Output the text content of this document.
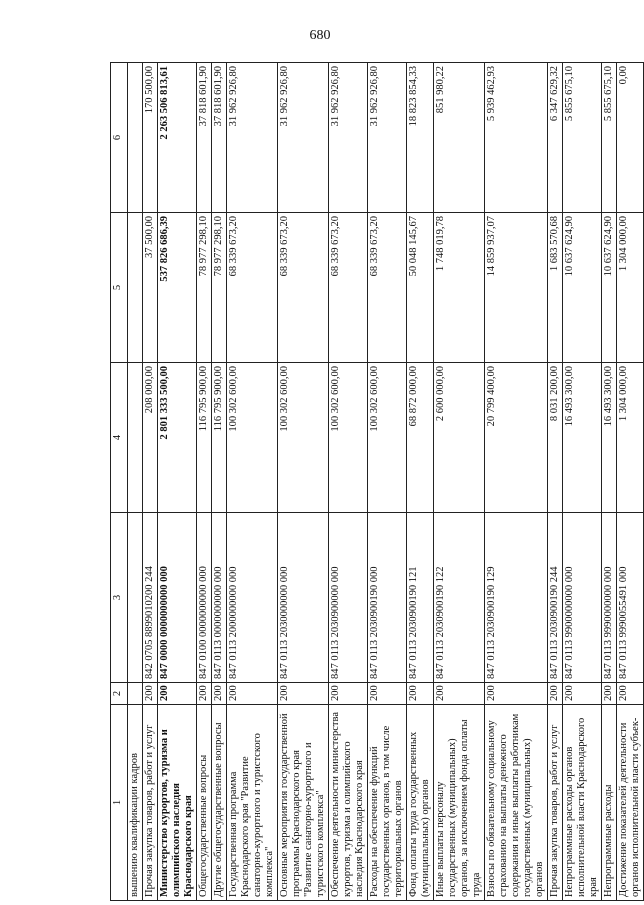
680
1	2	3	4	5	6
вышению квалификации кадров					
Прочая закупка товаров, работ и услуг	200	842 0705 8899010200 244	208 000,00	37 500,00	170 500,00
Министерство курортов, туризма и олимпийского наследия Краснодарского края	200	847 0000 0000000000 000	2 801 333 500,00	537 826 686,39	2 263 506 813,61
Общегосударственные вопросы	200	847 0100 0000000000 000	116 795 900,00	78 977 298,10	37 818 601,90
Другие общегосударственные вопросы	200	847 0113 0000000000 000	116 795 900,00	78 977 298,10	37 818 601,90
Государственная программа Краснодарского края "Развитие санаторно-курортного и туристского комплекса"	200	847 0113 2000000000 000	100 302 600,00	68 339 673,20	31 962 926,80
Основные мероприятия государственной программы Краснодарского края "Развитие санаторно-курортного и туристского комплекса"	200	847 0113 2030000000 000	100 302 600,00	68 339 673,20	31 962 926,80
Обеспечение деятельности министерства курортов, туризма и олимпийского наследия Краснодарского края	200	847 0113 2030900000 000	100 302 600,00	68 339 673,20	31 962 926,80
Расходы на обеспечение функций государственных органов, в том числе территориальных органов	200	847 0113 2030900190 000	100 302 600,00	68 339 673,20	31 962 926,80
Фонд оплаты труда государственных (муниципальных) органов	200	847 0113 2030900190 121	68 872 000,00	50 048 145,67	18 823 854,33
Иные выплаты персоналу государственных (муниципальных) органов, за исключением фонда оплаты труда	200	847 0113 2030900190 122	2 600 000,00	1 748 019,78	851 980,22
Взносы по обязательному социальному страхованию на выплаты денежного содержания и иные выплаты работникам государственных (муниципальных) органов	200	847 0113 2030900190 129	20 799 400,00	14 859 937,07	5 939 462,93
Прочая закупка товаров, работ и услуг	200	847 0113 2030900190 244	8 031 200,00	1 683 570,68	6 347 629,32
Непрограммные расходы органов исполнительной власти Краснодарского края	200	847 0113 9900000000 000	16 493 300,00	10 637 624,90	5 855 675,10
Непрограммные расходы	200	847 0113 9990000000 000	16 493 300,00	10 637 624,90	5 855 675,10
Достижение показателей деятельности органов исполнительной власти субъек-	200	847 0113 9990055491 000	1 304 000,00	1 304 000,00	0,00
